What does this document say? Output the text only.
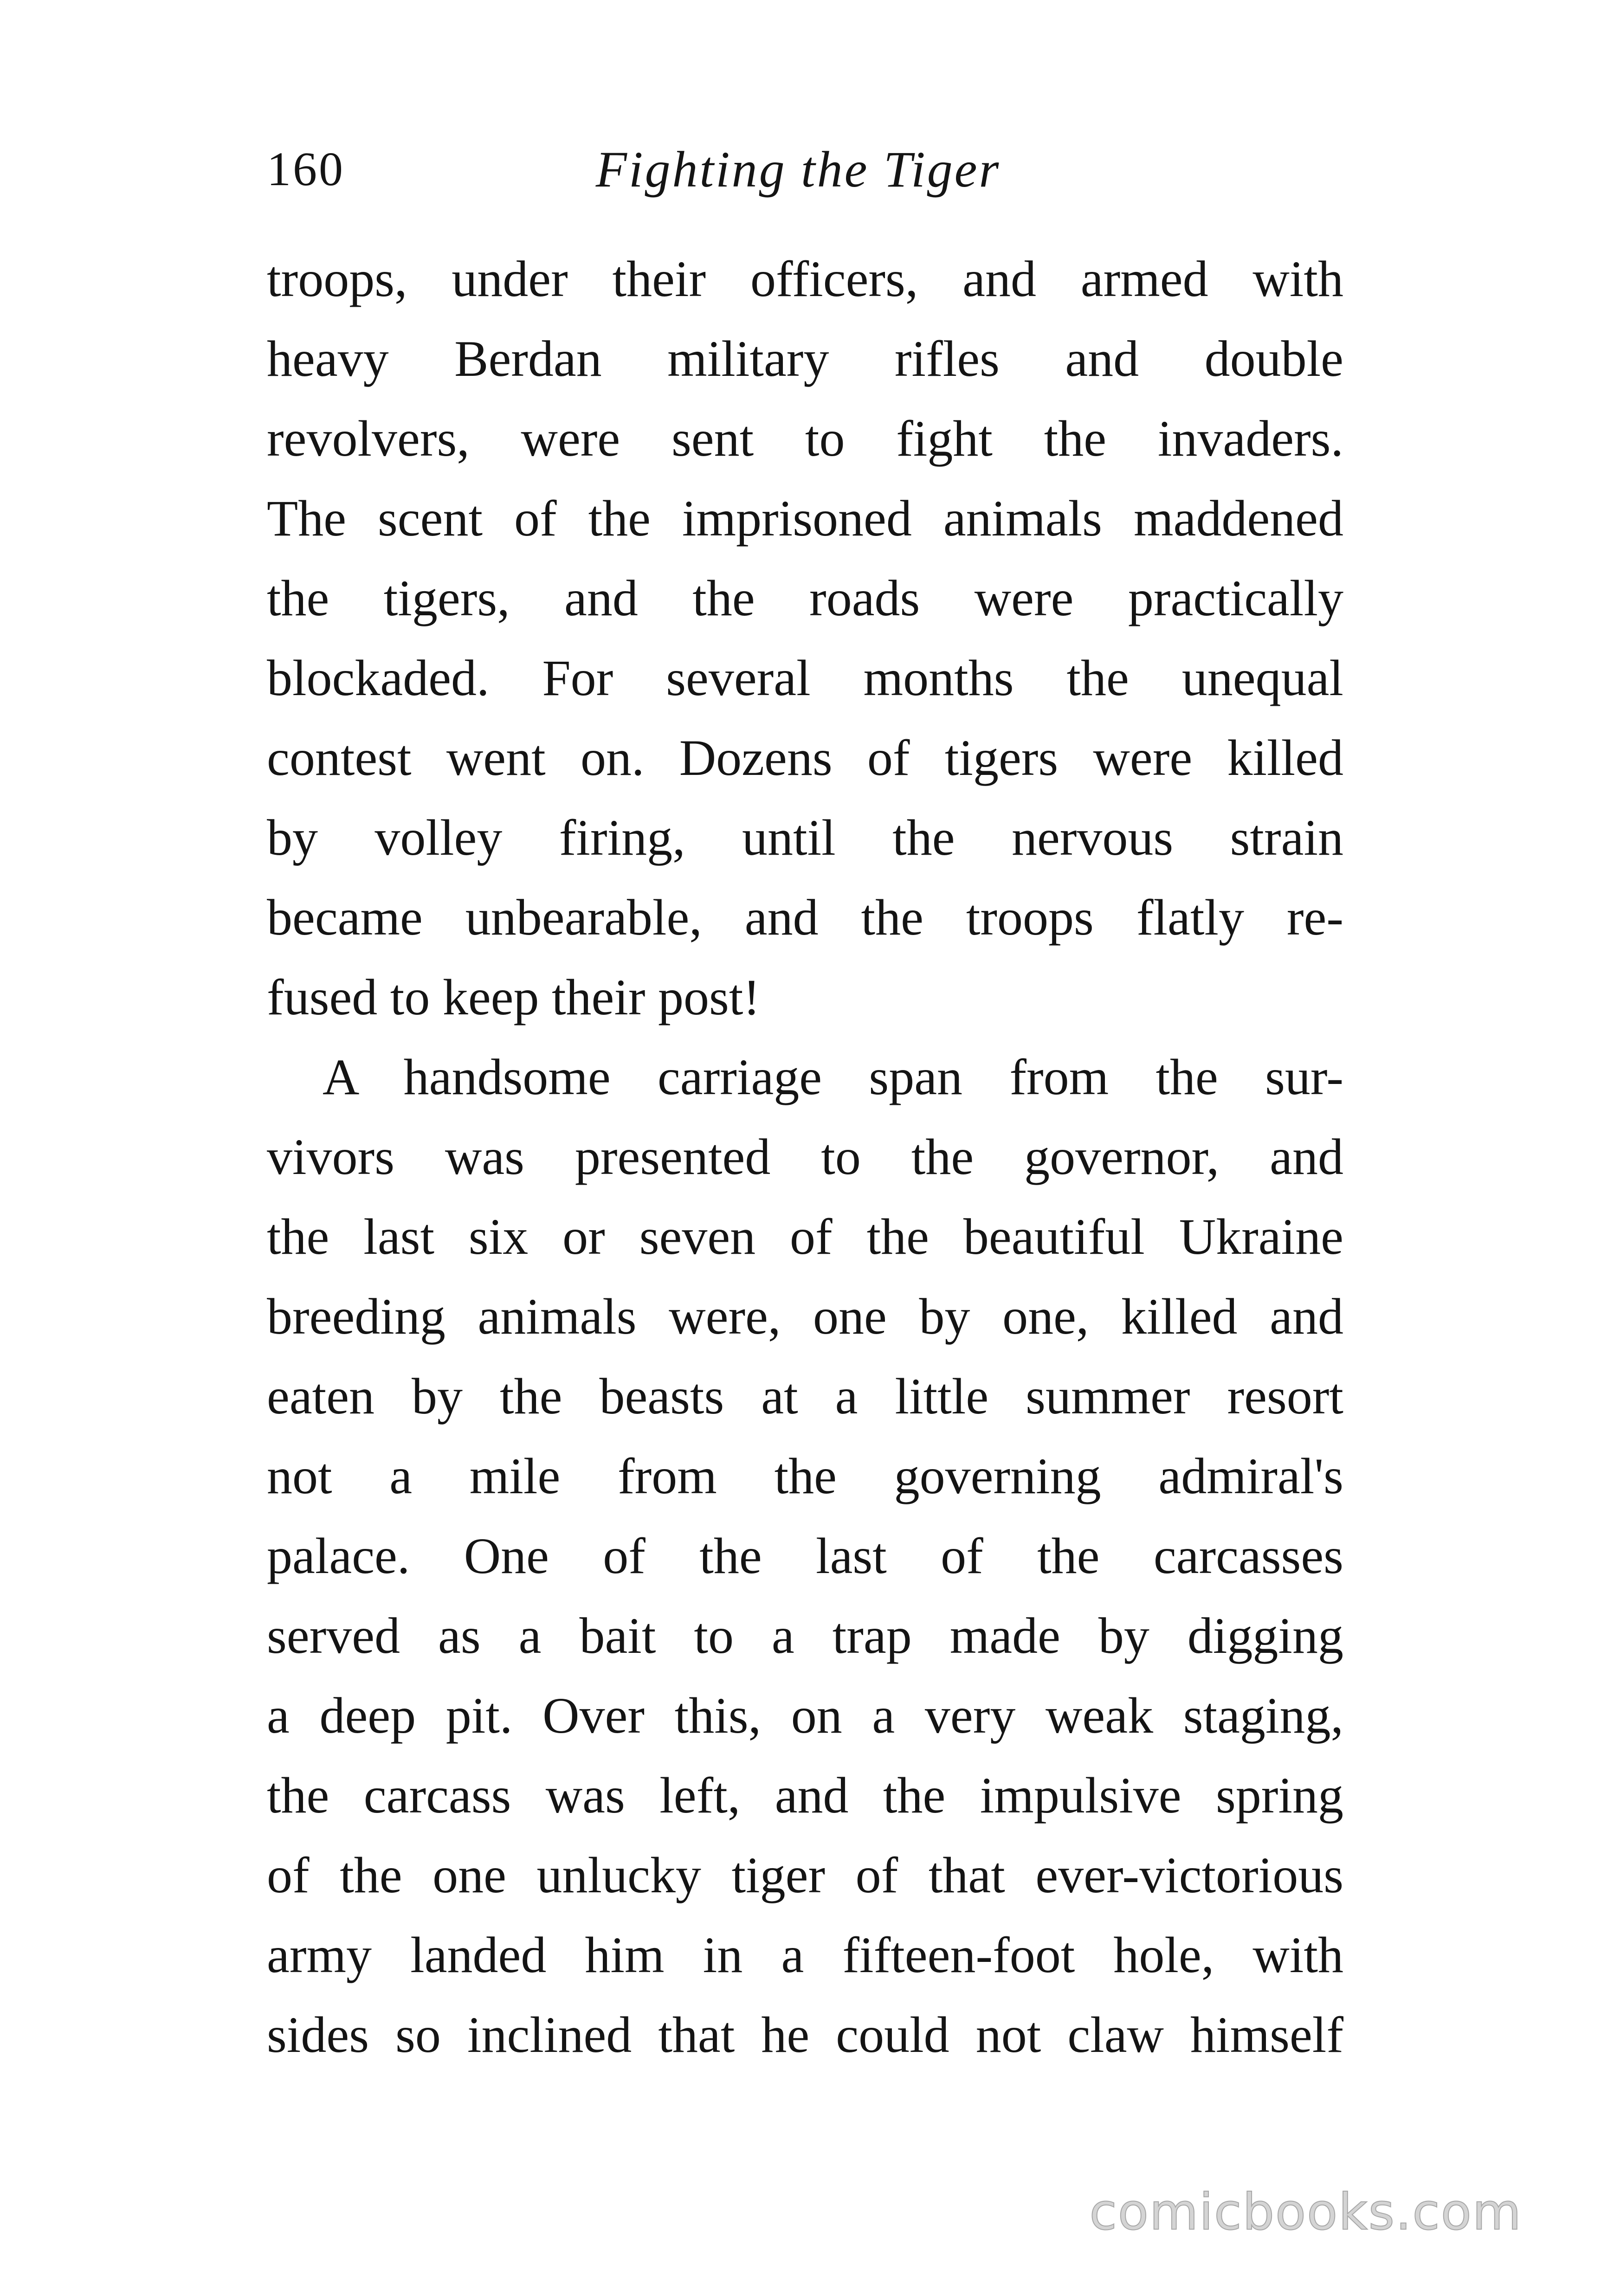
160	Fighting the Tiger
troops, under their officers, and armed with
heavy Berdan military rifles and double
revolvers, were sent to fight the invaders.
The scent of the imprisoned animals maddened
the tigers, and the roads were practically
blockaded. For several months the unequal
contest went on. Dozens of tigers were killed
by volley firing, until the nervous strain
became unbearable, and the troops flatly re-
fused to keep their post!
A handsome carriage span from the sur-
vivors was presented to the governor, and
the last six or seven of the beautiful Ukraine
breeding animals were, one by one, killed and
eaten by the beasts at a little summer resort
not a mile from the governing admiral's
palace. One of the last of the carcasses
served as a bait to a trap made by digging
a deep pit. Over this, on a very weak staging,
the carcass was left, and the impulsive spring
of the one unlucky tiger of that ever-victorious
army landed him in a fifteen-foot hole, with
sides so inclined that he could not claw himself
comicbooks.com
